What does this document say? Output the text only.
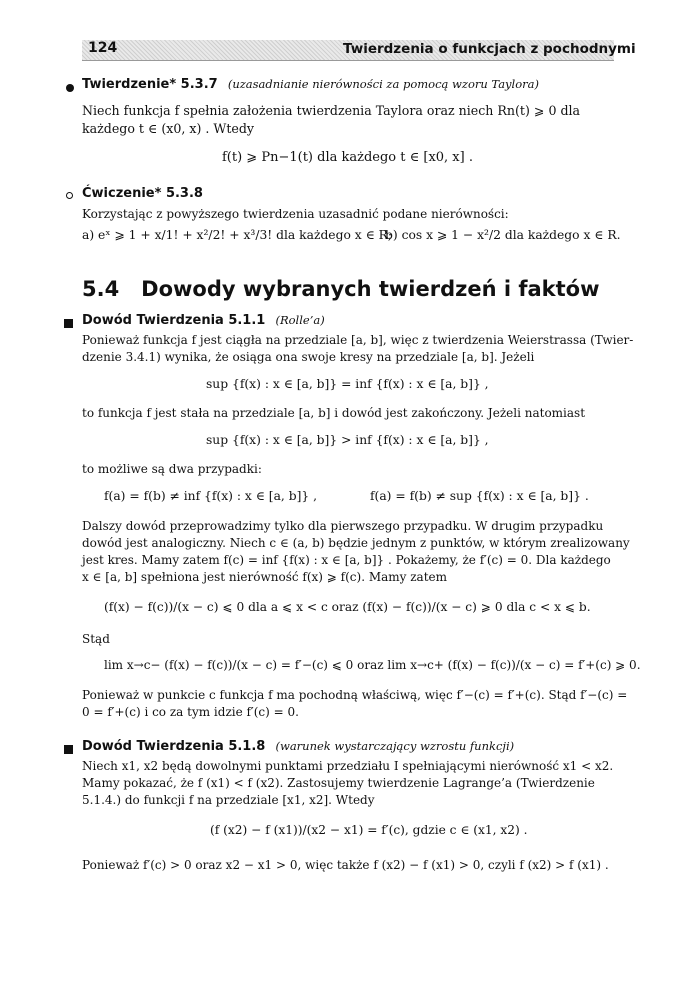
124	Twierdzenia o funkcjach z pochodnymi
Twierdzenie* 5.3.7 (uzasadnianie nierówności za pomocą wzoru Taylora)
Niech funkcja f spełnia założenia twierdzenia Taylora oraz niech Rn(t) ⩾ 0 dla
każdego t ∈ (x0, x) . Wtedy
f(t) ⩾ Pn−1(t) dla każdego t ∈ [x0, x] .
Ćwiczenie* 5.3.8
Korzystając z powyższego twierdzenia uzasadnić podane nierówności:
a) eˣ ⩾ 1 + x/1! + x²/2! + x³/3! dla każdego x ∈ R;
b) cos x ⩾ 1 − x²/2 dla każdego x ∈ R.
5.4   Dowody wybranych twierdzeń i faktów
Dowód Twierdzenia 5.1.1 (Rolle’a)
Ponieważ funkcja f jest ciągła na przedziale [a, b], więc z twierdzenia Weierstrassa (Twier-
dzenie 3.4.1) wynika, że osiąga ona swoje kresy na przedziale [a, b]. Jeżeli
sup {f(x) : x ∈ [a, b]} = inf {f(x) : x ∈ [a, b]} ,
to funkcja f jest stała na przedziale [a, b] i dowód jest zakończony. Jeżeli natomiast
sup {f(x) : x ∈ [a, b]} > inf {f(x) : x ∈ [a, b]} ,
to możliwe są dwa przypadki:
f(a) = f(b) ≠ inf {f(x) : x ∈ [a, b]} ,	f(a) = f(b) ≠ sup {f(x) : x ∈ [a, b]} .
Dalszy dowód przeprowadzimy tylko dla pierwszego przypadku. W drugim przypadku
dowód jest analogiczny. Niech c ∈ (a, b) będzie jednym z punktów, w którym zrealizowany
jest kres. Mamy zatem f(c) = inf {f(x) : x ∈ [a, b]} . Pokażemy, że f′(c) = 0. Dla każdego
x ∈ [a, b] spełniona jest nierówność f(x) ⩾ f(c). Mamy zatem
(f(x) − f(c))/(x − c) ⩽ 0 dla a ⩽ x < c oraz (f(x) − f(c))/(x − c) ⩾ 0 dla c < x ⩽ b.
Stąd
lim x→c− (f(x) − f(c))/(x − c) = f′−(c) ⩽ 0 oraz lim x→c+ (f(x) − f(c))/(x − c) = f′+(c) ⩾ 0.
Ponieważ w punkcie c funkcja f ma pochodną właściwą, więc f′−(c) = f′+(c). Stąd f′−(c) =
0 = f′+(c) i co za tym idzie f′(c) = 0.
Dowód Twierdzenia 5.1.8 (warunek wystarczający wzrostu funkcji)
Niech x1, x2 będą dowolnymi punktami przedziału I spełniającymi nierówność x1 < x2.
Mamy pokazać, że f (x1) < f (x2). Zastosujemy twierdzenie Lagrange’a (Twierdzenie
5.1.4.) do funkcji f na przedziale [x1, x2]. Wtedy
(f (x2) − f (x1))/(x2 − x1) = f′(c), gdzie c ∈ (x1, x2) .
Ponieważ f′(c) > 0 oraz x2 − x1 > 0, więc także f (x2) − f (x1) > 0, czyli f (x2) > f (x1) .
